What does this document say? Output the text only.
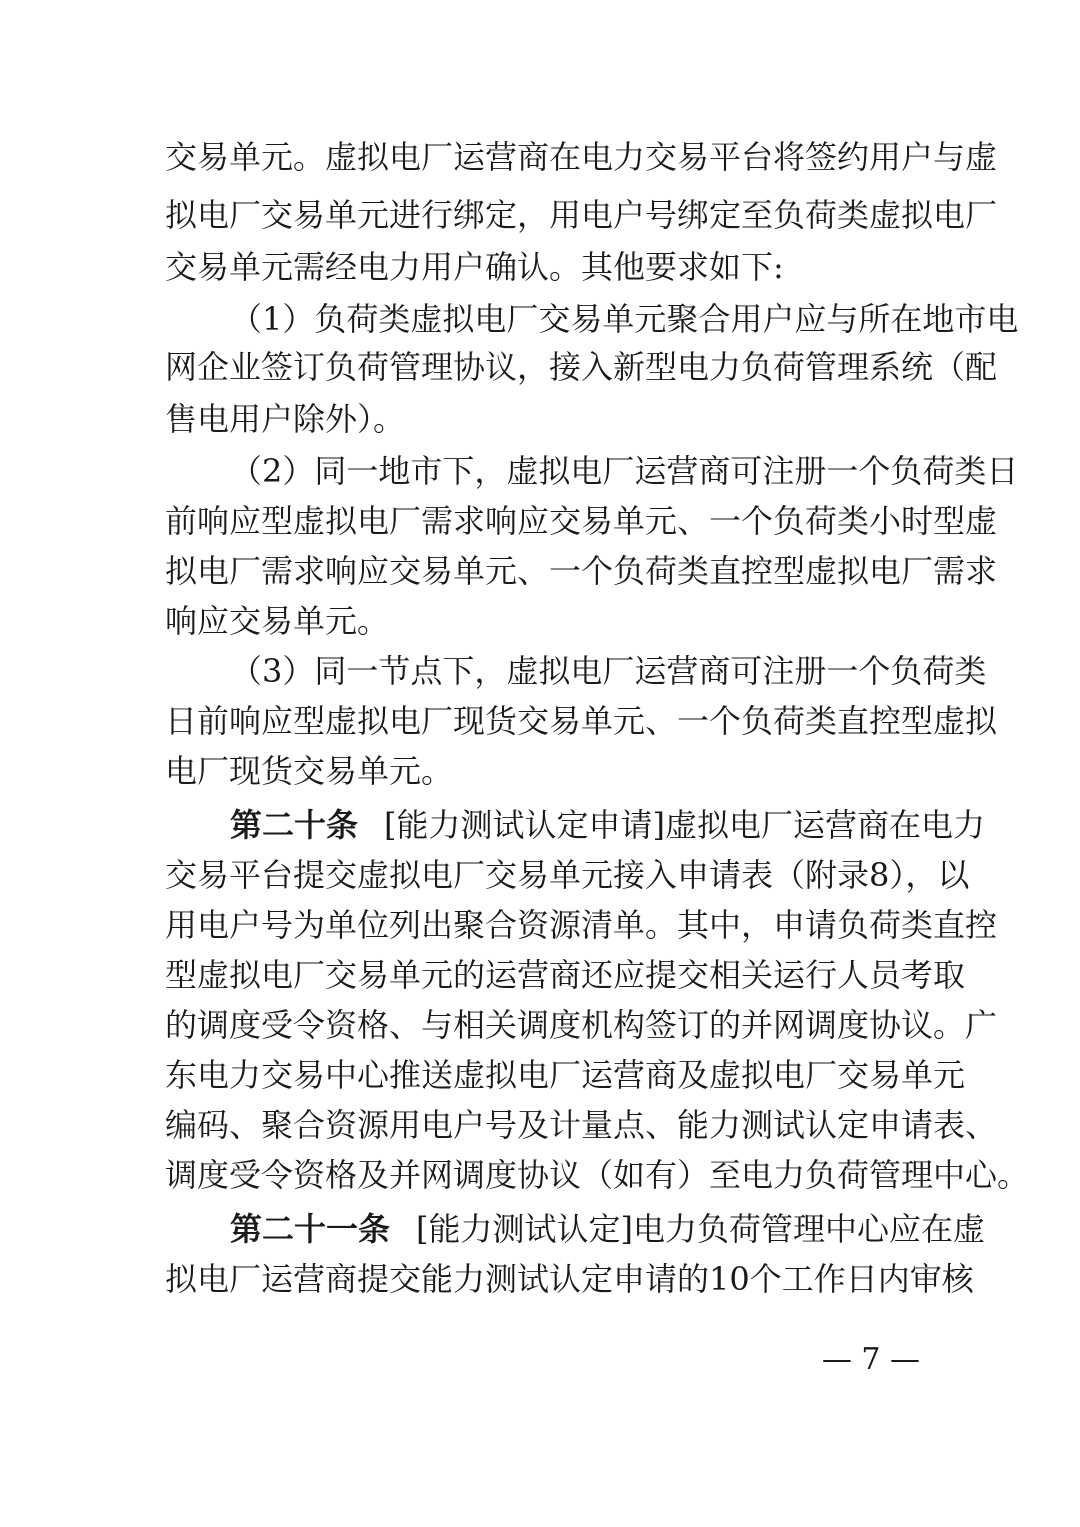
交易单元。虚拟电厂运营商在电力交易平台将签约用户与虚
拟电厂交易单元进行绑定，用电户号绑定至负荷类虚拟电厂
交易单元需经电力用户确认。其他要求如下:
（1）负荷类虚拟电厂交易单元聚合用户应与所在地市电
网企业签订负荷管理协议，接入新型电力负荷管理系统（配
售电用户除外）。
（2）同一地市下，虚拟电厂运营商可注册一个负荷类日
前响应型虚拟电厂需求响应交易单元、一个负荷类小时型虚
拟电厂需求响应交易单元、一个负荷类直控型虚拟电厂需求
响应交易单元。
（3）同一节点下，虚拟电厂运营商可注册一个负荷类
日前响应型虚拟电厂现货交易单元、一个负荷类直控型虚拟
电厂现货交易单元。
第二十条 [能力测试认定申请]虚拟电厂运营商在电力
交易平台提交虚拟电厂交易单元接入申请表（附录8），以
用电户号为单位列出聚合资源清单。其中，申请负荷类直控
型虚拟电厂交易单元的运营商还应提交相关运行人员考取
的调度受令资格、与相关调度机构签订的并网调度协议。广
东电力交易中心推送虚拟电厂运营商及虚拟电厂交易单元
编码、聚合资源用电户号及计量点、能力测试认定申请表、
调度受令资格及并网调度协议（如有）至电力负荷管理中心。
第二十一条 [能力测试认定]电力负荷管理中心应在虚
拟电厂运营商提交能力测试认定申请的10个工作日内审核
— 7 —
